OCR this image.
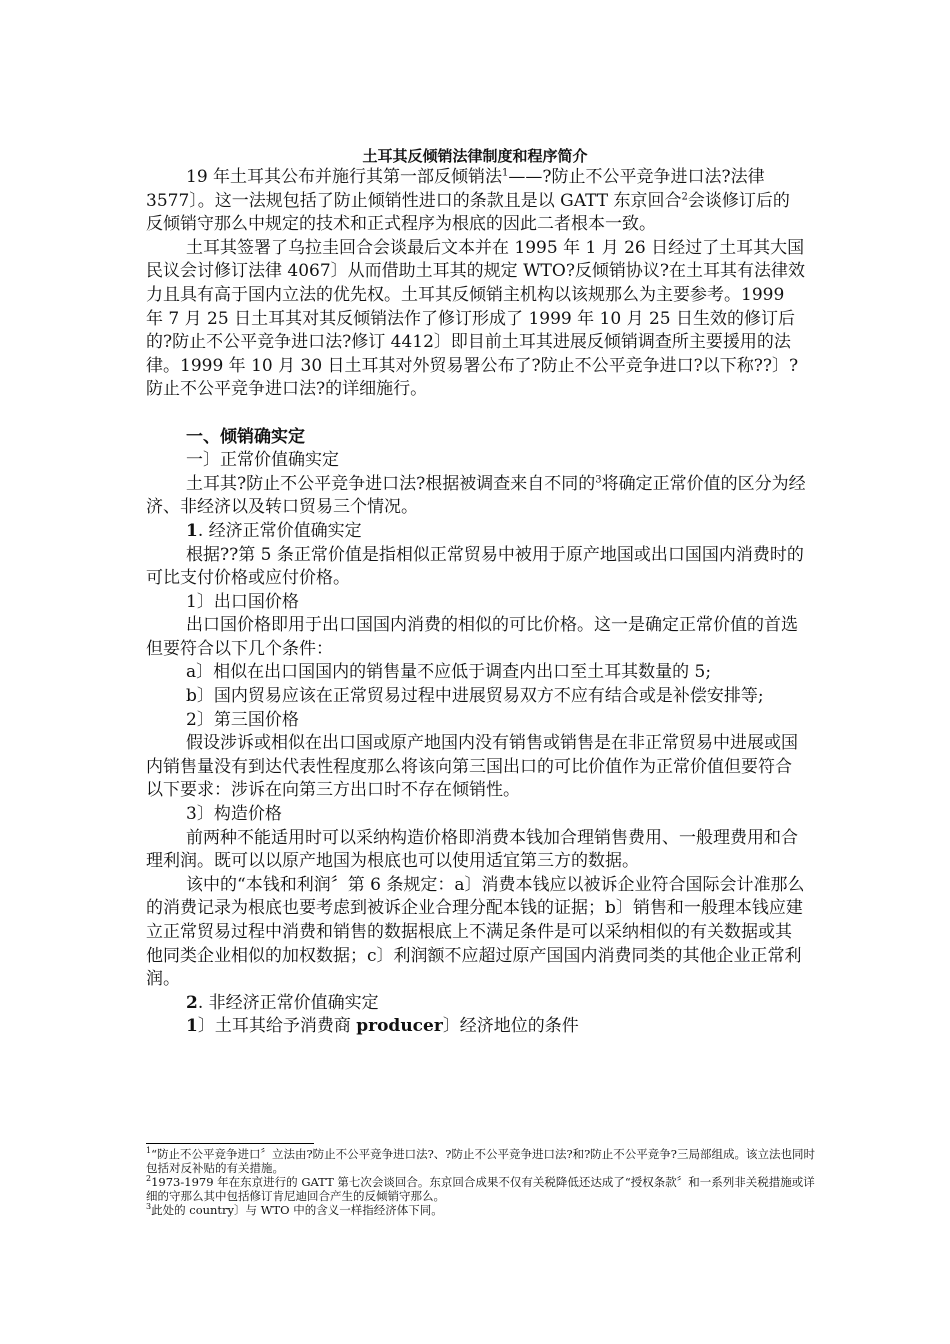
土耳其反倾销法律制度和程序简介

19 年土耳其公布并施行其第一部反倾销法$^1$——?防止不公平竞争进口法?法律 3577〕。这一法规包括了防止倾销性进口的条款且是以 GATT 东京回合$^2$会谈修订后的反倾销守那么中规定的技术和正式程序为根底的因此二者根本一致。

土耳其签署了乌拉圭回合会谈最后文本并在 1995 年 1 月 26 日经过了土耳其大国民议会讨修订法律 4067〕从而借助土耳其的规定 WTO?反倾销协议?在土耳其有法律效力且具有高于国内立法的优先权。土耳其反倾销主机构以该规那么为主要参考。1999 年 7 月 25 日土耳其对其反倾销法作了修订形成了 1999 年 10 月 25 日生效的修订后的?防止不公平竞争进口法?修订 4412〕即目前土耳其进展反倾销调查所主要援用的法律。1999 年 10 月 30 日土耳其对外贸易署公布了?防止不公平竞争进口?以下称??〕?防止不公平竞争进口法?的详细施行。

一、倾销确实定

一〕正常价值确实定

土耳其?防止不公平竞争进口法?根据被调查来自不同的$^3$将确定正常价值的区分为经济、非经济以及转口贸易三个情况。

1. 经济正常价值确实定

根据??第 5 条正常价值是指相似正常贸易中被用于原产地国或出口国国内消费时的可比支付价格或应付价格。

1〕出口国价格

出口国价格即用于出口国国内消费的相似的可比价格。这一是确定正常价值的首选但要符合以下几个条件：

a〕相似在出口国国内的销售量不应低于调查内出口至土耳其数量的 5;

b〕国内贸易应该在正常贸易过程中进展贸易双方不应有结合或是补偿安排等;

2〕第三国价格

假设涉诉或相似在出口国或原产地国内没有销售或销售是在非正常贸易中进展或国内销售量没有到达代表性程度那么将该向第三国出口的可比价值作为正常价值但要符合以下要求：涉诉在向第三方出口时不存在倾销性。

3〕构造价格

前两种不能适用时可以采纳构造价格即消费本钱加合理销售费用、一般理费用和合理利润。既可以以原产地国为根底也可以使用适宜第三方的数据。

该中的“本钱和利润〞第 6 条规定：a〕消费本钱应以被诉企业符合国际会计准那么的消费记录为根底也要考虑到被诉企业合理分配本钱的证据；b〕销售和一般理本钱应建立正常贸易过程中消费和销售的数据根底上不满足条件是可以采纳相似的有关数据或其他同类企业相似的加权数据；c〕利润额不应超过原产国国内消费同类的其他企业正常利润。

2. 非经济正常价值确实定

1〕土耳其给予消费商 producer〕经济地位的条件

$^1$“防止不公平竞争进口〞立法由?防止不公平竞争进口法?、?防止不公平竞争进口法?和?防止不公平竞争?三局部组成。该立法也同时包括对反补贴的有关措施。

$^2$1973-1979 年在东京进行的 GATT 第七次会谈回合。东京回合成果不仅有关税降低还达成了“授权条款〞和一系列非关税措施或详细的守那么其中包括修订肯尼迪回合产生的反倾销守那么。

$^3$此处的 country〕与 WTO 中的含义一样指经济体下同。
